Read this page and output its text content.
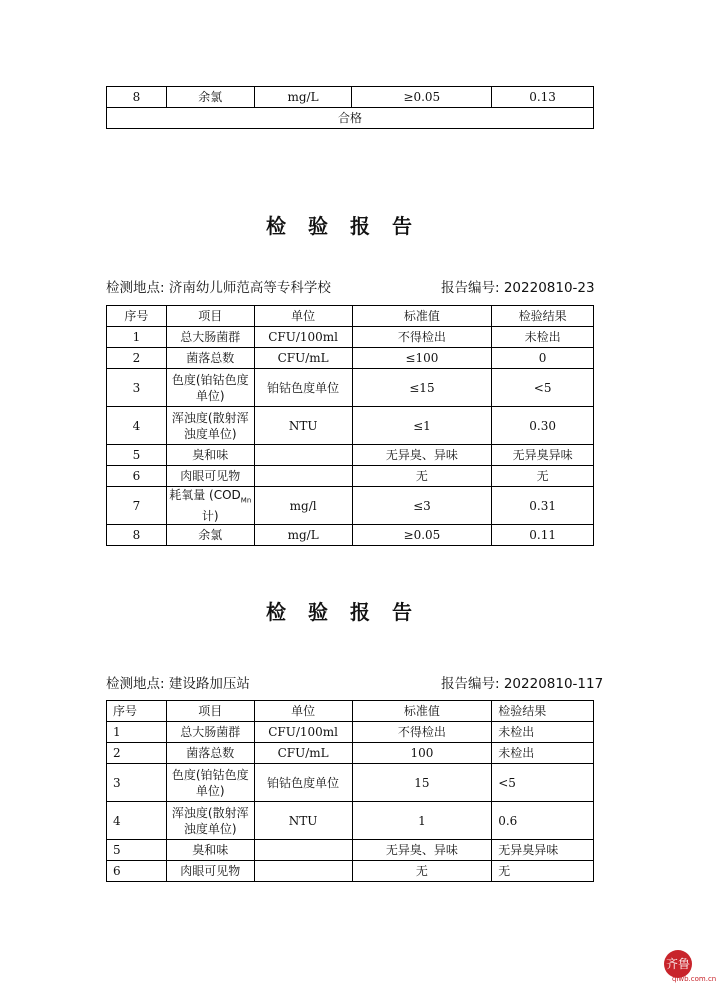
8	余氯	mg/L	≥0.05	0.13
合格
检验报告
检测地点: 济南幼儿师范高等专科学校	报告编号: 20220810-23
序号	项目	单位	标准值	检验结果
1	总大肠菌群	CFU/100ml	不得检出	未检出
2	菌落总数	CFU/mL	≤100	0
3	色度(铂钴色度单位)	铂钴色度单位	≤15	<5
4	浑浊度(散射浑浊度单位)	NTU	≤1	0.30
5	臭和味		无异臭、异味	无异臭异味
6	肉眼可见物		无	无
7	耗氧量 ($COD_{Mn}$计)	mg/l	≤3	0.31
8	余氯	mg/L	≥0.05	0.11
检验报告
检测地点: 建设路加压站	报告编号: 20220810-117
序号	项目	单位	标准值	检验结果
1	总大肠菌群	CFU/100ml	不得检出	未检出
2	菌落总数	CFU/mL	100	未检出
3	色度(铂钴色度单位)	铂钴色度单位	15	<5
4	浑浊度(散射浑浊度单位)	NTU	1	0.6
5	臭和味		无异臭、异味	无异臭异味
6	肉眼可见物		无	无
齐鲁
qlwb.com.cn
